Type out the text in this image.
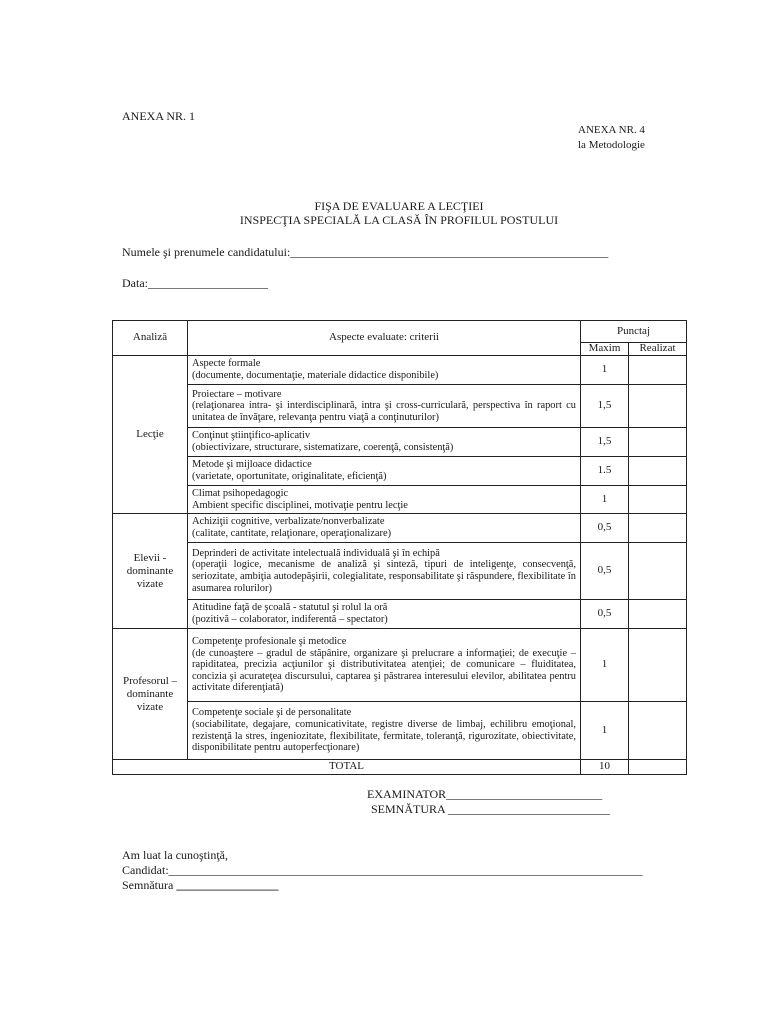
ANEXA NR. 1
ANEXA NR. 4
la Metodologie
FIŞA DE EVALUARE A LECŢIEI
INSPECŢIA SPECIALĂ LA CLASĂ ÎN PROFILUL POSTULUI
Numele şi prenumele candidatului:_____________________________________________________
Data:____________________
Analiză	Aspecte evaluate: criterii	Punctaj	
		Maxim	Realizat
Lecţie	Aspecte formale
(documente, documentaţie, materiale didactice disponibile)	1	

	Proiectare – motivare
(relaţionarea intra- şi interdisciplinară, intra şi cross-curriculară, perspectiva în raport cu unitatea de învăţare, relevanţa pentru viaţă a conţinuturilor)	1,5	

	Conţinut ştiinţifico-aplicativ
(obiectivizare, structurare, sistematizare, coerenţă, consistenţă)	1,5	

	Metode şi mijloace didactice
(varietate, oportunitate, originalitate, eficienţă)	1.5	

	Climat psihopedagogic
Ambient specific disciplinei, motivaţie pentru lecţie	1	
Elevii - dominante vizate	Achiziţii cognitive, verbalizate/nonverbalizate
(calitate, cantitate, relaţionare, operaţionalizare)	0,5	

	Deprinderi de activitate intelectuală individuală şi în echipă
(operaţii logice, mecanisme de analiză şi sinteză, tipuri de inteligenţe, consecvenţă, seriozitate, ambiţia autodepăşirii, colegialitate, responsabilitate şi răspundere, flexibilitate în asumarea rolurilor)	0,5	

	Atitudine faţă de şcoală - statutul şi rolul la oră
(pozitivă – colaborator, indiferentă – spectator)	0,5	
Profesorul – dominante vizate	Competenţe profesionale şi metodice
(de cunoaştere – gradul de stăpânire, organizare şi prelucrare a informaţiei; de execuţie – rapiditatea, precizia acţiunilor şi distributivitatea atenţiei; de comunicare – fluiditatea, concizia şi acurateţea discursului, captarea şi păstrarea interesului elevilor, abilitatea pentru activitate diferenţiată)	1	

	Competenţe sociale şi de personalitate
(sociabilitate, degajare, comunicativitate, registre diverse de limbaj, echilibru emoţional, rezistenţă la stres, ingeniozitate, flexibilitate, fermitate, toleranţă, rigurozitate, obiectivitate, disponibilitate pentru autoperfecţionare)	1	
TOTAL		10	
EXAMINATOR__________________________
SEMNĂTURA ___________________________
Am luat la cunoştinţă,
Candidat:_______________________________________________________________________________
Semnătura _________________
